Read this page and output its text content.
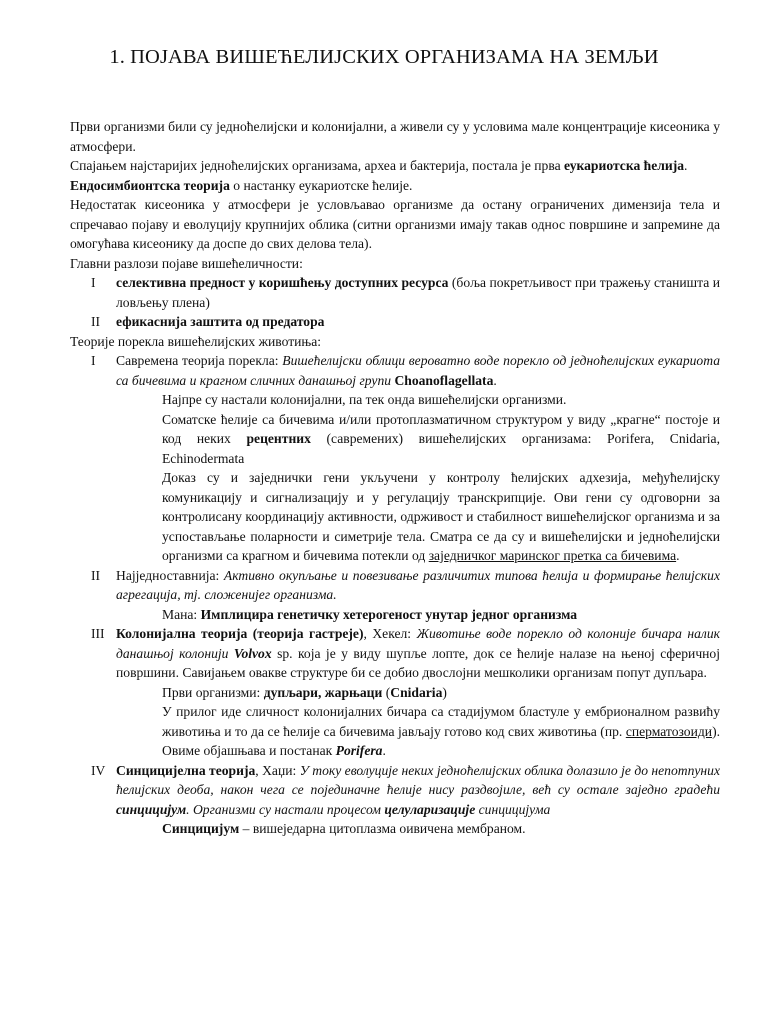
1. ПОЈАВА ВИШЕЋЕЛИЈСКИХ ОРГАНИЗАМА НА ЗЕМЉИ

Први организми били су једноћелијски и колонијални, а живели су у условима мале концентрације кисеоника у атмосфери.

Спајањем најстаријих једноћелијских организама, археа и бактерија, постала је прва еукариотска ћелија.

Ендосимбионтска теорија о настанку еукариотске ћелије.

Недостатак кисеоника у атмосфери је условљавао организме да остану ограничених димензија тела и спречавао појаву и еволуцију крупнијих облика (ситни организми имају такав однос површине и запремине да омогућава кисеонику да доспе до свих делова тела).

Главни разлози појаве вишећеличности:

I	селективна предност у коришћењу доступних ресурса (боља покретљивост при тражењу станишта и ловљењу плена)
II	ефикаснија заштита од предатора

Теорије порекла вишећелијских животиња:

I	Савремена теорија порекла: Вишећелијски облици вероватно воде порекло од једноћелијских еукариота са бичевима и крагном сличних данашњој групи Choanoflagellata.

Најпре су настали колонијални, па тек онда вишећелијски организми.

Соматске ћелије са бичевима и/или протоплазматичном структуром у виду „крагне“ постоје и код неких рецентних (савремених) вишећелијских организама: Porifera, Cnidaria, Echinodermata

Доказ су и заједнички гени укључени у контролу ћелијских адхезија, међућелијску комуникацију и сигнализацију и у регулацију транскрипције. Ови гени су одговорни за контролисану координацију активности, одрживост и стабилност вишећелијског организма и за успостављање поларности и симетрије тела. Сматра се да су и вишећелијски и једноћелијски организми са крагном и бичевима потекли од заједничког маринског претка са бичевима.

II	Најједноставнија: Активно окупљање и повезивање различитих типова ћелија и формирање ћелијских агрегација, тј. сложенијег организма.

Мана: Имплицира генетичку хетерогеност унутар једног организма

III Колонијална теорија (теорија гастреје), Хекел: Животиње воде порекло од колоније бичара налик данашњој колонији Volvox sp. која је у виду шупље лопте, док се ћелије налазе на њеној сферичној површини. Савијањем овакве структуре би се добио двослојни мешколики организам попут дупљара.

Први организми: дупљари, жарњаци (Cnidaria)

У прилог иде сличност колонијалних бичара са стадијумом бластуле у ембрионалном развићу животиња и то да се ћелије са бичевима јављају готово код свих животиња (пр. сперматозоиди). Овиме објашњава и постанак Porifera.

IV Синцицијелна теорија, Хаџи: У току еволуције неких једноћелијских облика долазило је до непотпуних ћелијских деоба, након чега се појединачне ћелије нису раздвојиле, већ су остале заједно градећи синцицијум. Организми су настали процесом целуларизације синцицијума

Синцицијум – вишеједарна цитоплазма оивичена мембраном.
